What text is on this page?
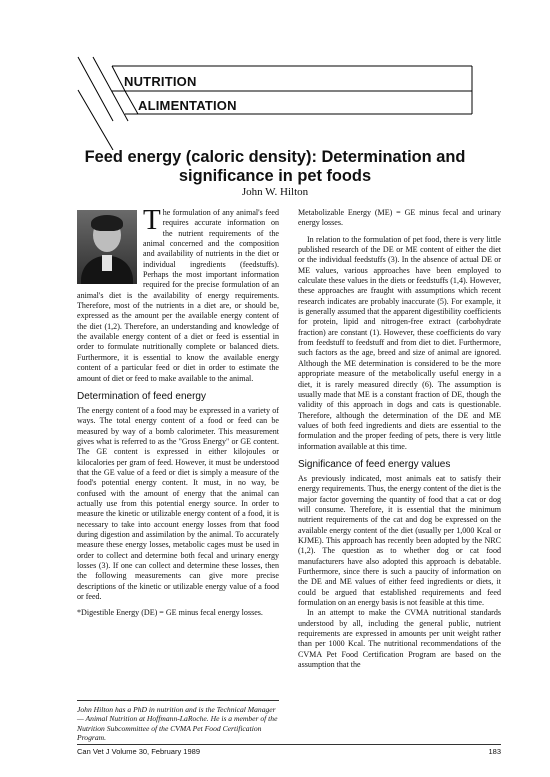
NUTRITION
ALIMENTATION
Feed energy (caloric density): Determination and
significance in pet foods
John W. Hilton

The formulation of any animal's feed requires accurate information on the nutrient requirements of the animal concerned and the composition and availability of nutrients in the diet or individual ingredients (feedstuffs). Perhaps the most important information required for the precise formulation of an animal's diet is the availability of energy requirements. Therefore, most of the nutrients in a diet are, or should be, expressed as the amount per the available energy content of the diet (1,2). Therefore, an understanding and knowledge of the available energy content of a diet or feed is essential in order to formulate nutritionally complete or balanced diets. Furthermore, it is essential to know the available energy content of a particular feed or diet in order to estimate the amount of diet or feed to make available to the animal.

Determination of feed energy

The energy content of a food may be expressed in a variety of ways. The total energy content of a food or feed can be measured by way of a bomb calorimeter. This measurement gives what is referred to as the "Gross Energy" or GE content. The GE content is expressed in either kilojoules or kilocalories per gram of feed. However, it must be understood that the GE value of a feed or diet is simply a measure of the food's potential energy content. It must, in no way, be confused with the amount of energy that the animal can actually use from this potential energy source. In order to measure the kinetic or utilizable energy content of a food, it is necessary to take into account energy losses from that food during digestion and assimilation by the animal. To accurately measure these energy losses, metabolic cages must be used in order to collect and determine both fecal and urinary energy losses (3). If one can collect and determine these losses, then the following measurements can give more precise descriptions of the kinetic or utilizable energy value of a food or feed.

*Digestible Energy (DE) = GE minus fecal energy losses.

John Hilton has a PhD in nutrition and is the Technical Manager — Animal Nutrition at Hoffmann-LaRoche. He is a member of the Nutrition Subcommittee of the CVMA Pet Food Certification Program.

Metabolizable Energy (ME) = GE minus fecal and urinary energy losses.

In relation to the formulation of pet food, there is very little published research of the DE or ME content of either the diet or the individual feedstuffs (3). In the absence of actual DE or ME values, various approaches have been employed to calculate these values in the diets or feedstuffs (1,4). However, these approaches are fraught with assumptions which recent research indicates are probably inaccurate (5). For example, it is generally assumed that the apparent digestibility coefficients for protein, lipid and nitrogen-free extract (carbohydrate fraction) are constant (1). However, these coefficients do vary from feedstuff to feedstuff and from diet to diet. Furthermore, such factors as the age, breed and size of animal are ignored. Although the ME determination is considered to be the more appropriate measure of the metabolically useful energy in a diet, it is rarely measured directly (6). The assumption is usually made that ME is a constant fraction of DE, though the validity of this approach in dogs and cats is questionable. Therefore, although the determination of the DE and ME values of both feed ingredients and diets are essential to the formulation and the proper feeding of pets, there is very little information available at this time.

Significance of feed energy values

As previously indicated, most animals eat to satisfy their energy requirements. Thus, the energy content of the diet is the major factor governing the quantity of food that a cat or dog will consume. Therefore, it is essential that the minimum nutrient requirements of the cat and dog be expressed on the available energy content of the diet (usually per 1,000 Kcal or KJME). This approach has recently been adopted by the NRC (1,2). The question as to whether dog or cat food manufacturers have also adopted this approach is debatable. Furthermore, since there is such a paucity of information on the DE and ME values of either feed ingredients or diets, it could be argued that established requirements and feed formulation on an energy basis is not feasible at this time.

In an attempt to make the CVMA nutritional standards understood by all, including the general public, nutrient requirements are expressed in amounts per unit weight rather than per 1000 Kcal. The nutritional recommendations of the CVMA Pet Food Certification Program are based on the assumption that the

Can Vet J Volume 30, February 1989	183
